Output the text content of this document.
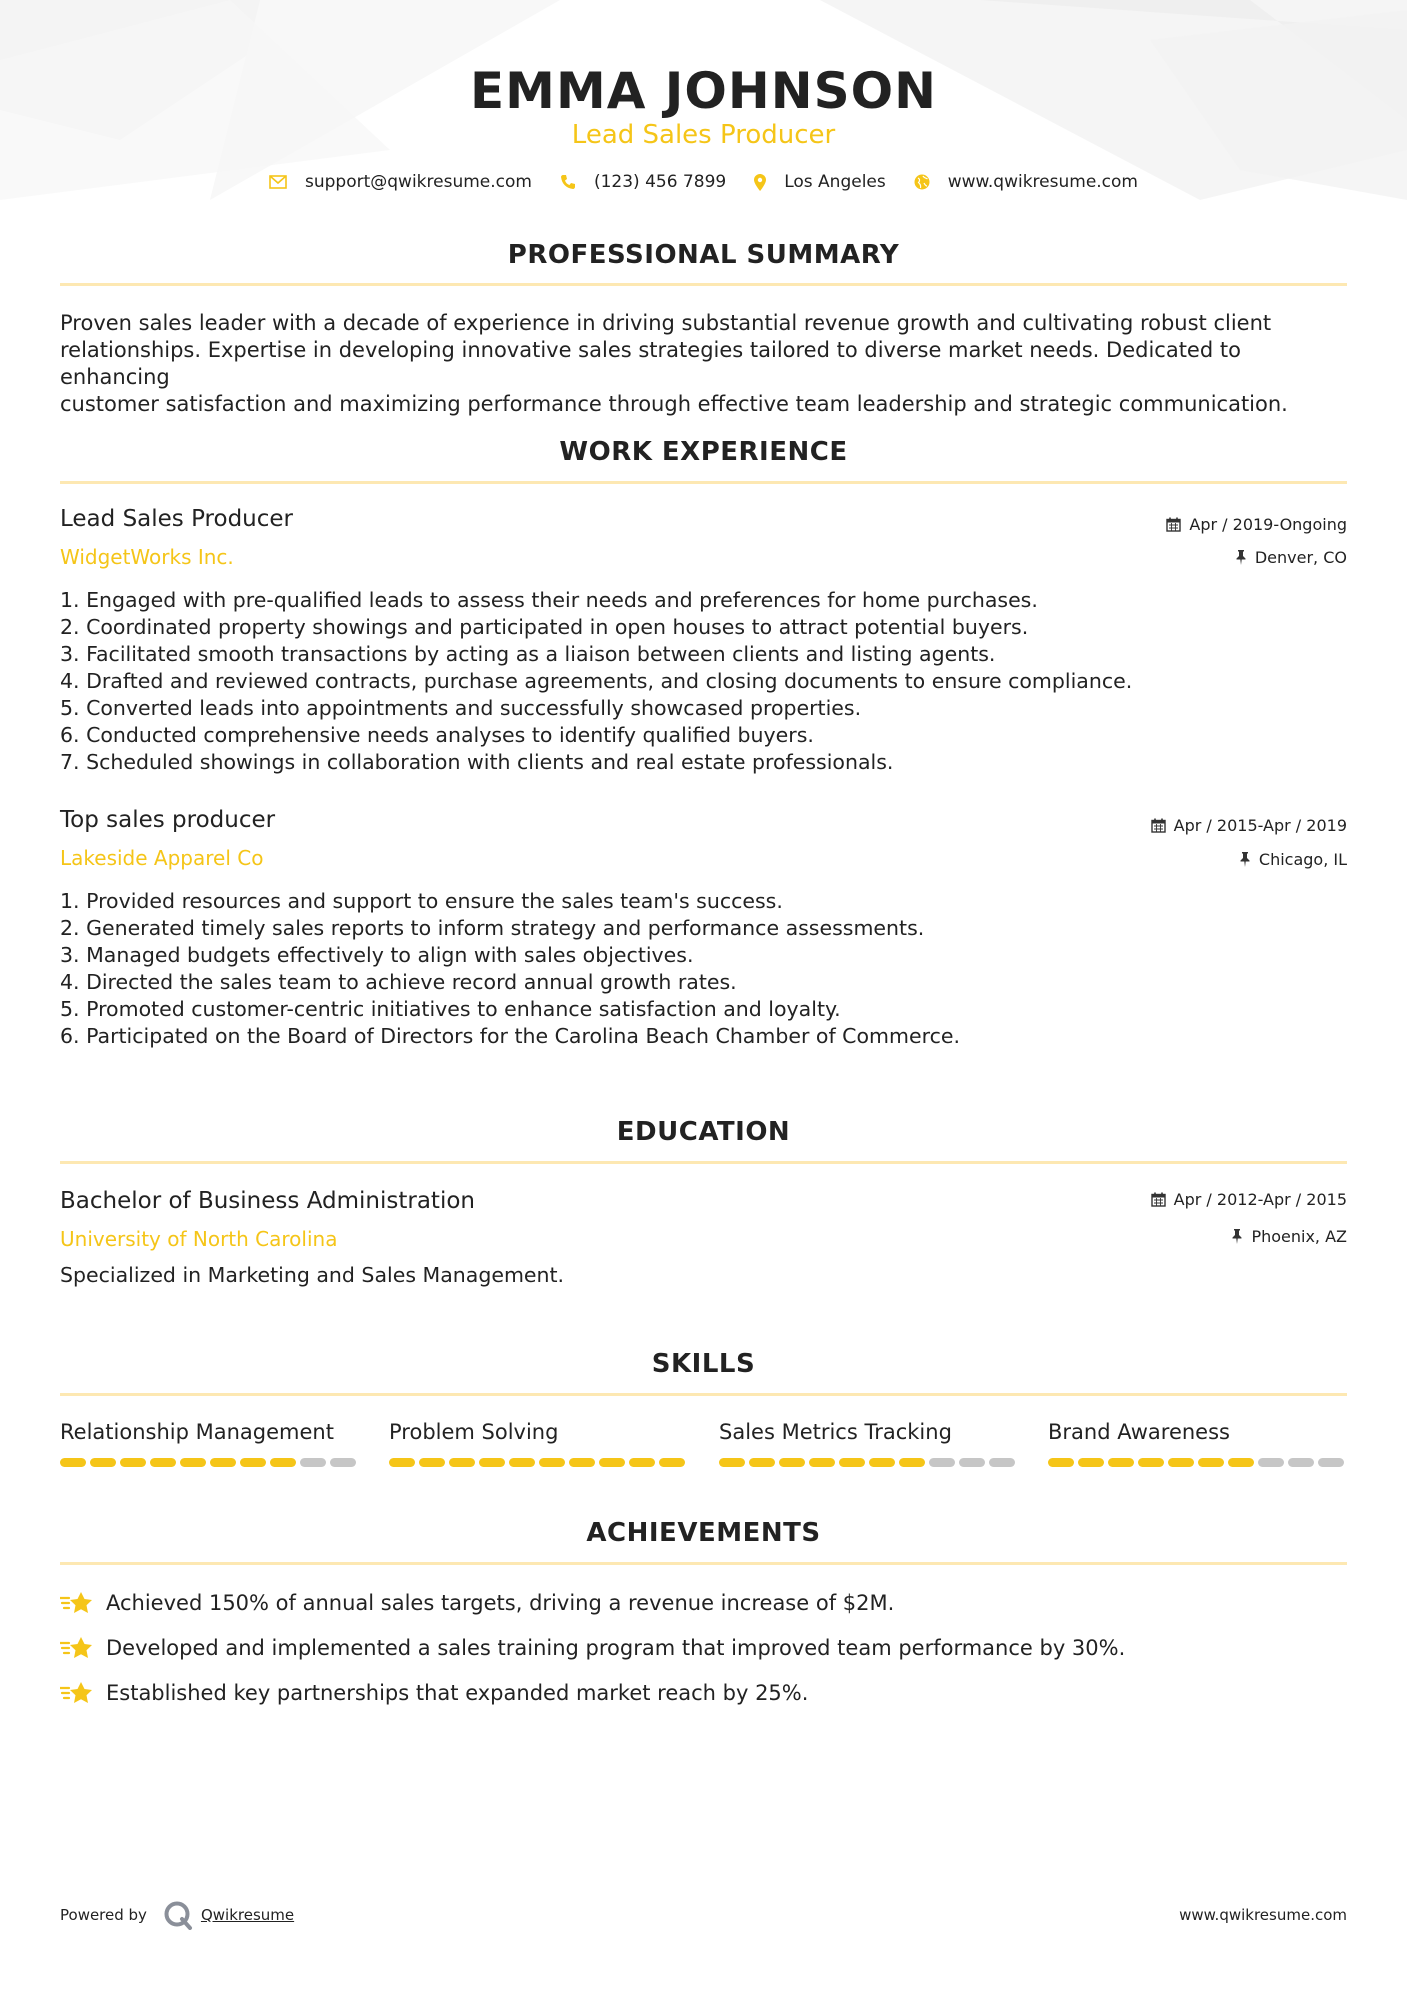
EMMA JOHNSON
Lead Sales Producer
support@qwikresume.com	(123) 456 7899	Los Angeles	www.qwikresume.com
PROFESSIONAL SUMMARY
Proven sales leader with a decade of experience in driving substantial revenue growth and cultivating robust client
relationships. Expertise in developing innovative sales strategies tailored to diverse market needs. Dedicated to enhancing
customer satisfaction and maximizing performance through effective team leadership and strategic communication.
WORK EXPERIENCE
Lead Sales Producer
WidgetWorks Inc.
Apr / 2019-Ongoing
Denver, CO
1. Engaged with pre-qualified leads to assess their needs and preferences for home purchases.
2. Coordinated property showings and participated in open houses to attract potential buyers.
3. Facilitated smooth transactions by acting as a liaison between clients and listing agents.
4. Drafted and reviewed contracts, purchase agreements, and closing documents to ensure compliance.
5. Converted leads into appointments and successfully showcased properties.
6. Conducted comprehensive needs analyses to identify qualified buyers.
7. Scheduled showings in collaboration with clients and real estate professionals.
Top sales producer
Lakeside Apparel Co
Apr / 2015-Apr / 2019
Chicago, IL
1. Provided resources and support to ensure the sales team's success.
2. Generated timely sales reports to inform strategy and performance assessments.
3. Managed budgets effectively to align with sales objectives.
4. Directed the sales team to achieve record annual growth rates.
5. Promoted customer-centric initiatives to enhance satisfaction and loyalty.
6. Participated on the Board of Directors for the Carolina Beach Chamber of Commerce.
EDUCATION
Bachelor of Business Administration
University of North Carolina
Apr / 2012-Apr / 2015
Phoenix, AZ
Specialized in Marketing and Sales Management.
SKILLS
Relationship Management	Problem Solving	Sales Metrics Tracking	Brand Awareness
ACHIEVEMENTS
Achieved 150% of annual sales targets, driving a revenue increase of $2M.
Developed and implemented a sales training program that improved team performance by 30%.
Established key partnerships that expanded market reach by 25%.
Powered by	Qwikresume	www.qwikresume.com
